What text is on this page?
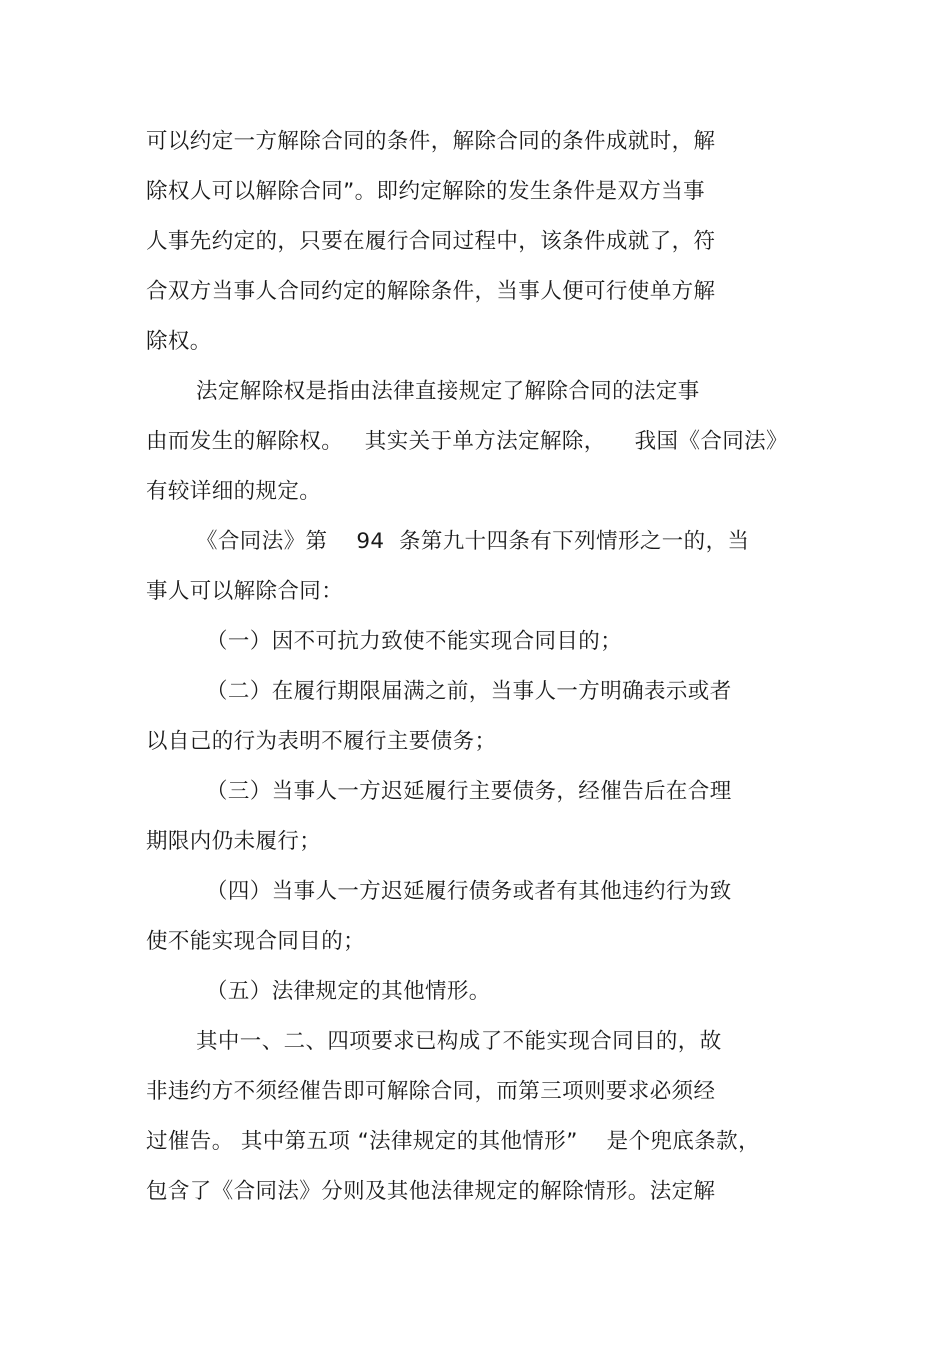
可以约定一方解除合同的条件，解除合同的条件成就时，解
除权人可以解除合同”。即约定解除的发生条件是双方当事
人事先约定的，只要在履行合同过程中，该条件成就了，符
合双方当事人合同约定的解除条件，当事人便可行使单方解
除权。
法定解除权是指由法律直接规定了解除合同的法定事
由而发生的解除权。   其实关于单方法定解除，    我国《合同法》
有较详细的规定。
《合同法》第    94  条第九十四条有下列情形之一的，当
事人可以解除合同：
（一）因不可抗力致使不能实现合同目的；
（二）在履行期限届满之前，当事人一方明确表示或者
以自己的行为表明不履行主要债务；
（三）当事人一方迟延履行主要债务，经催告后在合理
期限内仍未履行；
（四）当事人一方迟延履行债务或者有其他违约行为致
使不能实现合同目的；
（五）法律规定的其他情形。
其中一、二、四项要求已构成了不能实现合同目的，故
非违约方不须经催告即可解除合同，而第三项则要求必须经
过催告。 其中第五项 “法律规定的其他情形”    是个兜底条款，
包含了《合同法》分则及其他法律规定的解除情形。法定解
